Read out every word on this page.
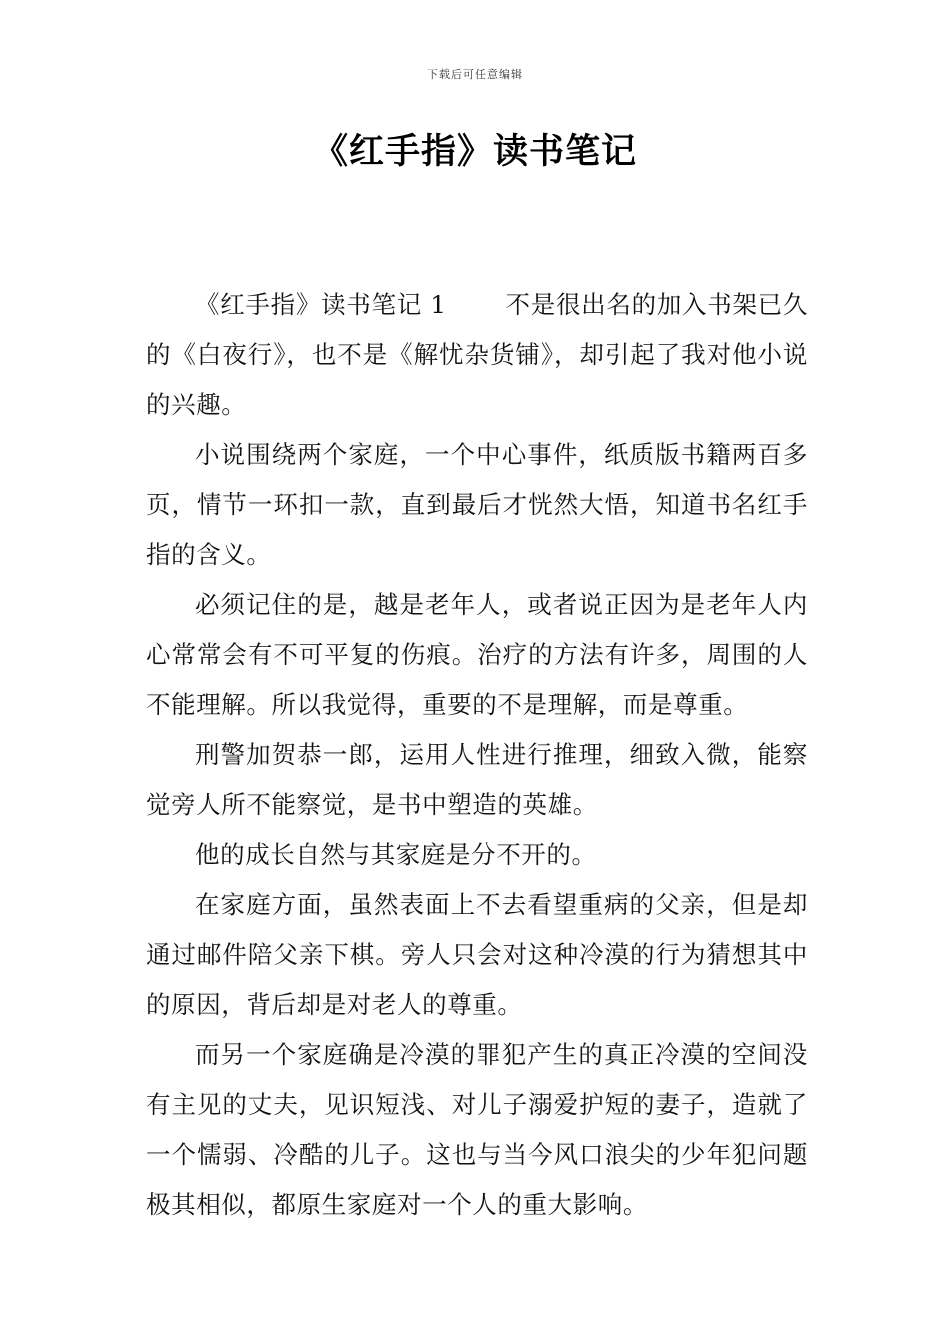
下载后可任意编辑
《红手指》读书笔记

《红手指》读书笔记 1 　　不是很出名的加入书架已久的《白夜行》，也不是《解忧杂货铺》，却引起了我对他小说的兴趣。

小说围绕两个家庭，一个中心事件，纸质版书籍两百多页，情节一环扣一款，直到最后才恍然大悟，知道书名红手指的含义。

必须记住的是，越是老年人，或者说正因为是老年人内心常常会有不可平复的伤痕。治疗的方法有许多，周围的人不能理解。所以我觉得，重要的不是理解，而是尊重。

刑警加贺恭一郎，运用人性进行推理，细致入微，能察觉旁人所不能察觉，是书中塑造的英雄。

他的成长自然与其家庭是分不开的。

在家庭方面，虽然表面上不去看望重病的父亲，但是却通过邮件陪父亲下棋。旁人只会对这种冷漠的行为猜想其中的原因，背后却是对老人的尊重。

而另一个家庭确是冷漠的罪犯产生的真正冷漠的空间没有主见的丈夫，见识短浅、对儿子溺爱护短的妻子，造就了一个懦弱、冷酷的儿子。这也与当今风口浪尖的少年犯问题极其相似，都原生家庭对一个人的重大影响。
